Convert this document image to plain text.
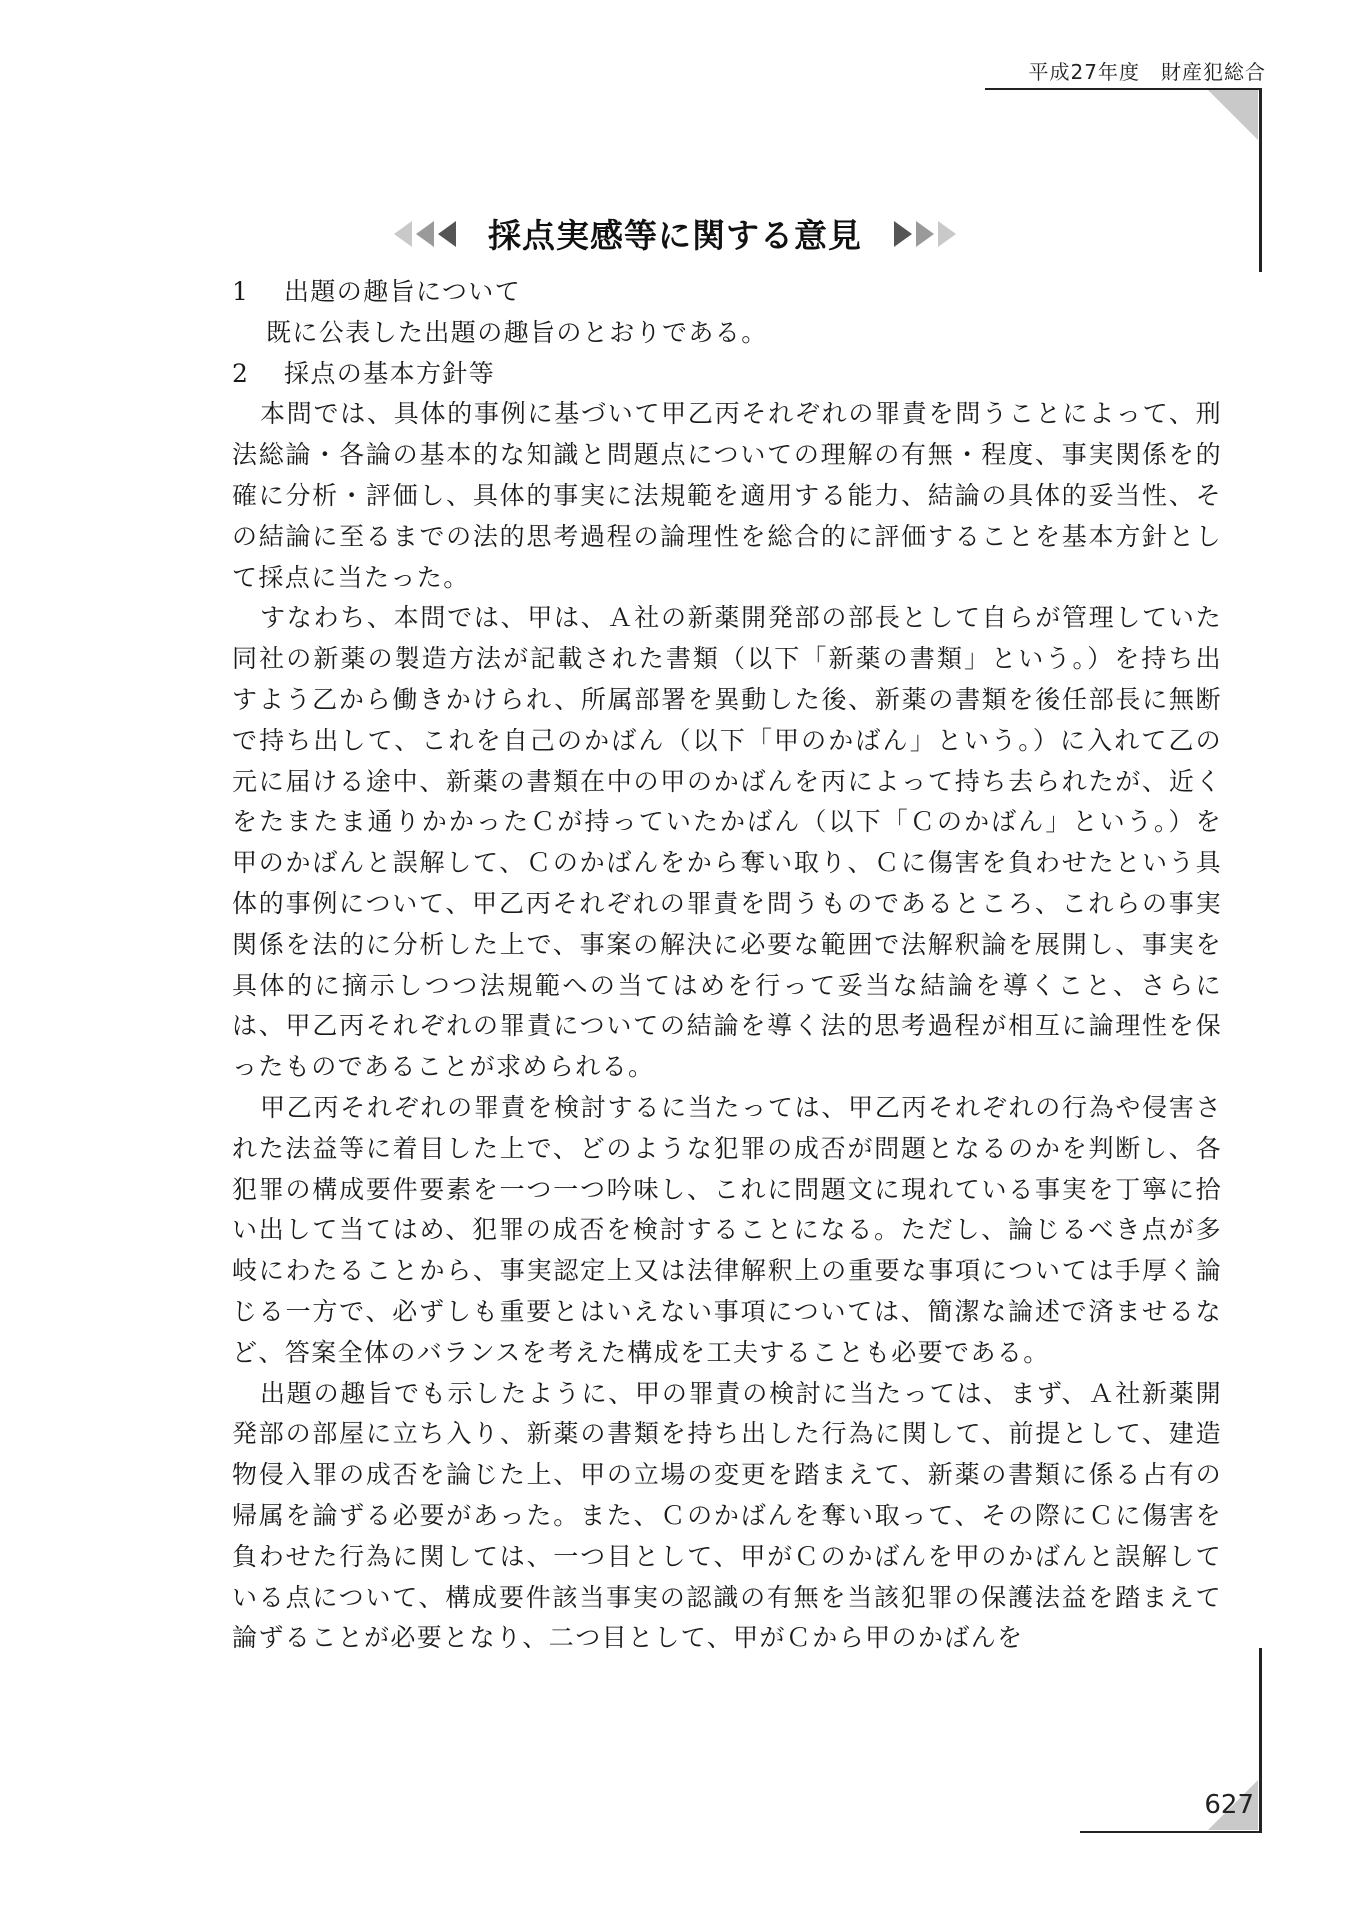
平成27年度　財産犯総合
採点実感等に関する意見

1 出題の趣旨について

既に公表した出題の趣旨のとおりである。

2 採点の基本方針等

本問では、具体的事例に基づいて甲乙丙それぞれの罪責を問うことによって、刑法総論・各論の基本的な知識と問題点についての理解の有無・程度、事実関係を的確に分析・評価し、具体的事実に法規範を適用する能力、結論の具体的妥当性、その結論に至るまでの法的思考過程の論理性を総合的に評価することを基本方針として採点に当たった。

すなわち、本問では、甲は、Ａ社の新薬開発部の部長として自らが管理していた同社の新薬の製造方法が記載された書類（以下「新薬の書類」という。）を持ち出すよう乙から働きかけられ、所属部署を異動した後、新薬の書類を後任部長に無断で持ち出して、これを自己のかばん（以下「甲のかばん」という。）に入れて乙の元に届ける途中、新薬の書類在中の甲のかばんを丙によって持ち去られたが、近くをたまたま通りかかったＣが持っていたかばん（以下「Ｃのかばん」という。）を甲のかばんと誤解して、Ｃのかばんをから奪い取り、Ｃに傷害を負わせたという具体的事例について、甲乙丙それぞれの罪責を問うものであるところ、これらの事実関係を法的に分析した上で、事案の解決に必要な範囲で法解釈論を展開し、事実を具体的に摘示しつつ法規範への当てはめを行って妥当な結論を導くこと、さらには、甲乙丙それぞれの罪責についての結論を導く法的思考過程が相互に論理性を保ったものであることが求められる。

甲乙丙それぞれの罪責を検討するに当たっては、甲乙丙それぞれの行為や侵害された法益等に着目した上で、どのような犯罪の成否が問題となるのかを判断し、各犯罪の構成要件要素を一つ一つ吟味し、これに問題文に現れている事実を丁寧に拾い出して当てはめ、犯罪の成否を検討することになる。ただし、論じるべき点が多岐にわたることから、事実認定上又は法律解釈上の重要な事項については手厚く論じる一方で、必ずしも重要とはいえない事項については、簡潔な論述で済ませるなど、答案全体のバランスを考えた構成を工夫することも必要である。

出題の趣旨でも示したように、甲の罪責の検討に当たっては、まず、Ａ社新薬開発部の部屋に立ち入り、新薬の書類を持ち出した行為に関して、前提として、建造物侵入罪の成否を論じた上、甲の立場の変更を踏まえて、新薬の書類に係る占有の帰属を論ずる必要があった。また、Ｃのかばんを奪い取って、その際にＣに傷害を負わせた行為に関しては、一つ目として、甲がＣのかばんを甲のかばんと誤解している点について、構成要件該当事実の認識の有無を当該犯罪の保護法益を踏まえて論ずることが必要となり、二つ目として、甲がＣから甲のかばんを

627
